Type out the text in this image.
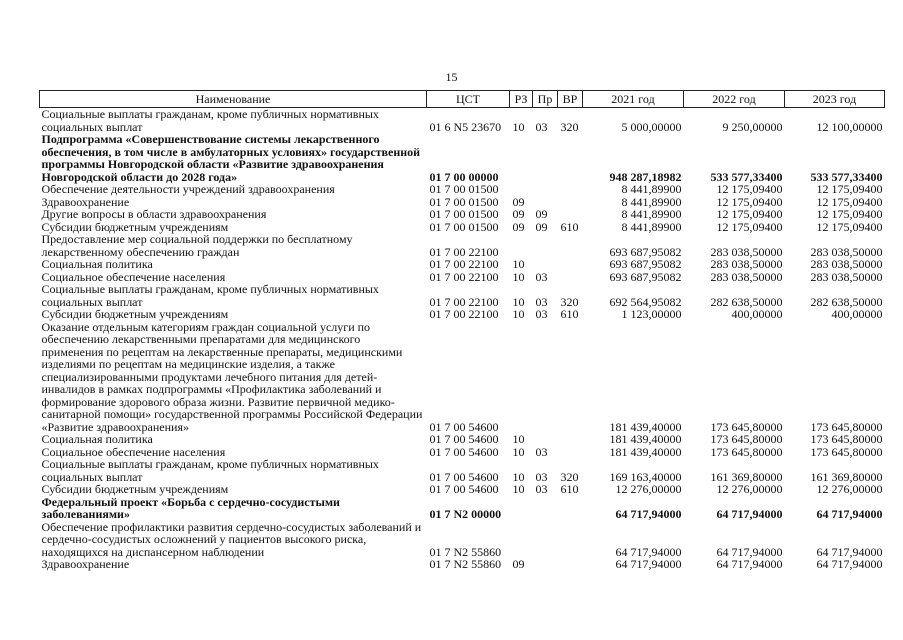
15
Наименование	ЦСТ	РЗ	Пр	ВР	2021 год	2022 год	2023 год
Социальные выплаты гражданам, кроме публичных нормативных социальных выплат	01 6 N5 23670	10	03	320	5 000,00000	9 250,00000	12 100,00000
Подпрограмма «Совершенствование системы лекарственного обеспечения, в том числе в амбулаторных условиях» государственной программы Новгородской области «Развитие здравоохранения Новгородской области до 2028 года»	01 7 00 00000				948 287,18982	533 577,33400	533 577,33400
Обеспечение деятельности учреждений здравоохранения	01 7 00 01500				8 441,89900	12 175,09400	12 175,09400
Здравоохранение	01 7 00 01500	09			8 441,89900	12 175,09400	12 175,09400
Другие вопросы в области здравоохранения	01 7 00 01500	09	09		8 441,89900	12 175,09400	12 175,09400
Субсидии бюджетным учреждениям	01 7 00 01500	09	09	610	8 441,89900	12 175,09400	12 175,09400
Предоставление мер социальной поддержки по бесплатному лекарственному обеспечению граждан	01 7 00 22100				693 687,95082	283 038,50000	283 038,50000
Социальная политика	01 7 00 22100	10			693 687,95082	283 038,50000	283 038,50000
Социальное обеспечение населения	01 7 00 22100	10	03		693 687,95082	283 038,50000	283 038,50000
Социальные выплаты гражданам, кроме публичных нормативных социальных выплат	01 7 00 22100	10	03	320	692 564,95082	282 638,50000	282 638,50000
Субсидии бюджетным учреждениям	01 7 00 22100	10	03	610	1 123,00000	400,00000	400,00000
Оказание отдельным категориям граждан социальной услуги по обеспечению лекарственными препаратами для медицинского применения по рецептам на лекарственные препараты, медицинскими изделиями по рецептам на медицинские изделия, а также специализированными продуктами лечебного питания для детей-инвалидов в рамках подпрограммы «Профилактика заболеваний и формирование здорового образа жизни. Развитие первичной медико-санитарной помощи» государственной программы Российской Федерации «Развитие здравоохранения»	01 7 00 54600				181 439,40000	173 645,80000	173 645,80000
Социальная политика	01 7 00 54600	10			181 439,40000	173 645,80000	173 645,80000
Социальное обеспечение населения	01 7 00 54600	10	03		181 439,40000	173 645,80000	173 645,80000
Социальные выплаты гражданам, кроме публичных нормативных социальных выплат	01 7 00 54600	10	03	320	169 163,40000	161 369,80000	161 369,80000
Субсидии бюджетным учреждениям	01 7 00 54600	10	03	610	12 276,00000	12 276,00000	12 276,00000
Федеральный проект «Борьба с сердечно-сосудистыми заболеваниями»	01 7 N2 00000				64 717,94000	64 717,94000	64 717,94000
Обеспечение профилактики развития сердечно-сосудистых заболеваний и сердечно-сосудистых осложнений у пациентов высокого риска, находящихся на диспансерном наблюдении	01 7 N2 55860				64 717,94000	64 717,94000	64 717,94000
Здравоохранение	01 7 N2 55860	09			64 717,94000	64 717,94000	64 717,94000
